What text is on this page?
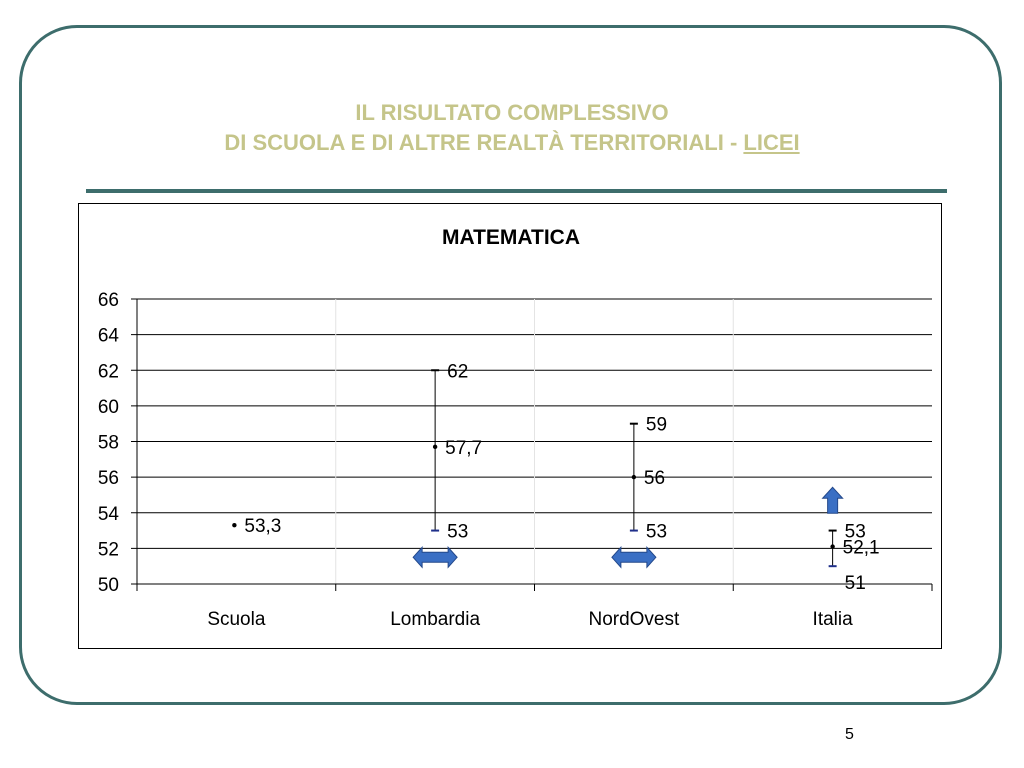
IL RISULTATO COMPLESSIVO
DI SCUOLA E DI ALTRE REALTÀ TERRITORIALI - LICEI
50
52
54
56
58
60
62
64
66
Scuola	Lombardia	NordOvest	Italia
62
53
59
53	53
51
53,3
57,7
56
52,1
MATEMATICA
5
